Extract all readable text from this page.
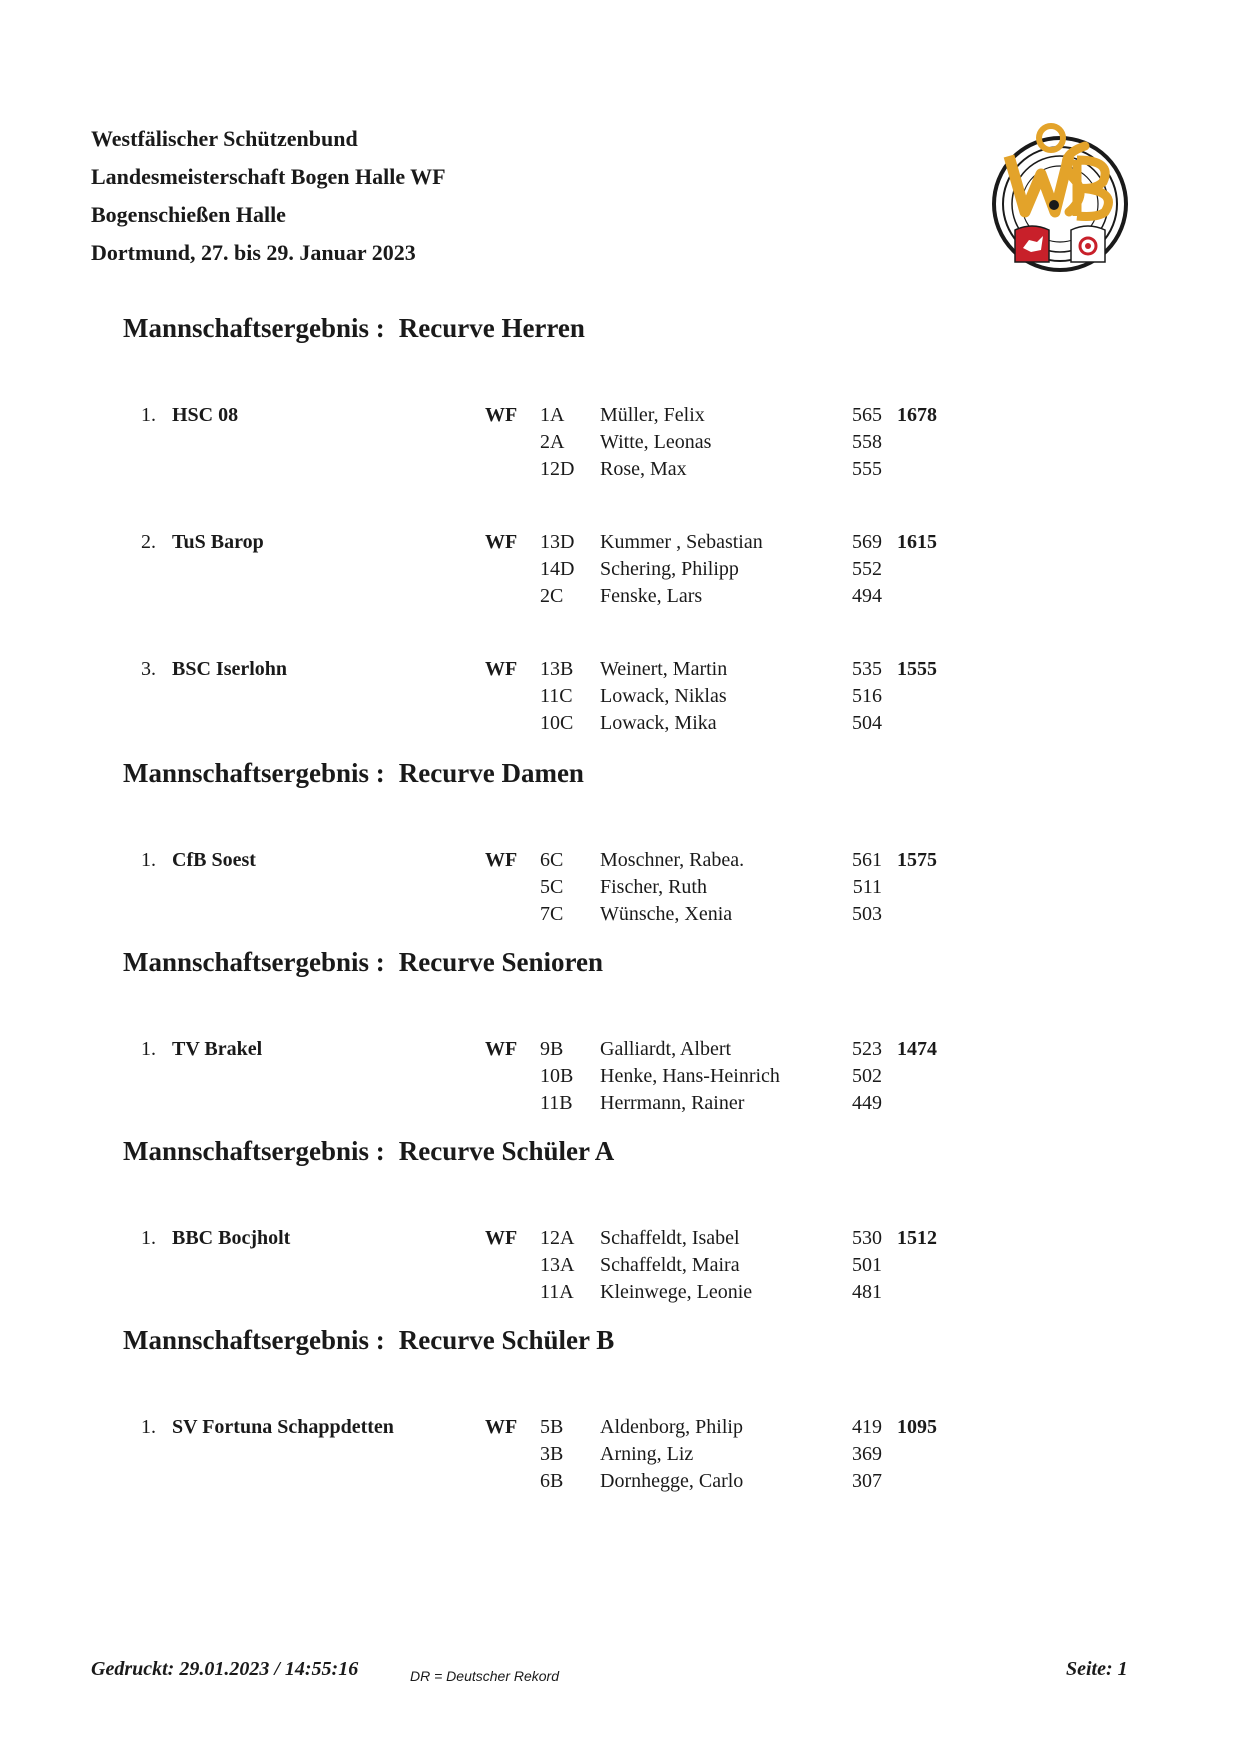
Westfälischer Schützenbund
Landesmeisterschaft Bogen Halle WF
Bogenschießen Halle
Dortmund, 27. bis 29. Januar 2023
Mannschaftsergebnis : Recurve Herren
1. HSC 08	WF	1678
1A Müller, Felix	565
2A Witte, Leonas	558
12D Rose, Max	555
2. TuS Barop	WF	1615
13D Kummer , Sebastian	569
14D Schering, Philipp	552
2C Fenske, Lars	494
3. BSC Iserlohn	WF	1555
13B Weinert, Martin	535
11C Lowack, Niklas	516
10C Lowack, Mika	504
Mannschaftsergebnis : Recurve Damen
1. CfB Soest	WF	1575
6C Moschner, Rabea.	561
5C Fischer, Ruth	511
7C Wünsche, Xenia	503
Mannschaftsergebnis : Recurve Senioren
1. TV Brakel	WF	1474
9B Galliardt, Albert	523
10B Henke, Hans-Heinrich	502
11B Herrmann, Rainer	449
Mannschaftsergebnis : Recurve Schüler A
1. BBC Bocjholt	WF	1512
12A Schaffeldt, Isabel	530
13A Schaffeldt, Maira	501
11A Kleinwege, Leonie	481
Mannschaftsergebnis : Recurve Schüler B
1. SV Fortuna Schappdetten	WF	1095
5B Aldenborg, Philip	419
3B Arning, Liz	369
6B Dornhegge, Carlo	307
Gedruckt: 29.01.2023 / 14:55:16	DR = Deutscher Rekord	Seite: 1
